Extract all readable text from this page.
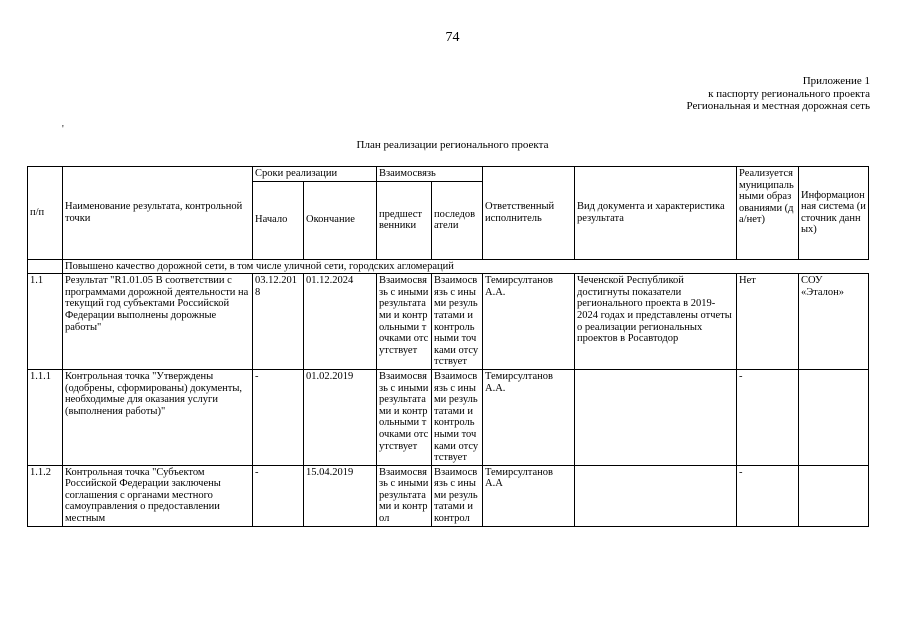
74
Приложение 1
к паспорту регионального проекта
Региональная и местная дорожная сеть
'
План реализации регионального проекта
п/п	Наименование результата, контрольной точки	Сроки реализации		Взаимосвязь		Ответственный исполнитель	Вид документа и характеристика результата	Реализуется муниципальными образованиями (да/нет)	Информационная система (источник данных)
		Начало	Окончание	предшест венники	последов атели				
	Повышено качество дорожной сети, в том числе уличной сети, городских агломераций								
1.1	Результат "R1.01.05 В соответствии с программами дорожной деятельности на текущий год субъектами Российской Федерации выполнены дорожные работы"	03.12.2018	01.12.2024	Взаимосвязь с иными результатами и контрольными точками отсутствует	Взаимосвязь с иными результатами и контрольными точками отсутствует	Темирсултанов А.А.	Чеченской Республикой достигнуты показатели регионального проекта в 2019-2024 годах и представлены отчеты о реализации региональных проектов в Росавтодор	Нет	СОУ «Эталон»
1.1.1	Контрольная точка "Утверждены (одобрены, сформированы) документы, необходимые для оказания услуги (выполнения работы)"	-	01.02.2019	Взаимосвязь с иными результатами и контрольными точками отсутствует	Взаимосвязь с иными результатами и контрольными точками отсутствует	Темирсултанов А.А.		-	
1.1.2	Контрольная точка "Субъектом Российской Федерации заключены соглашения с органами местного самоуправления о предоставлении местным	-	15.04.2019	Взаимосвязь с иными результатами и контрол	Взаимосвязь с иными результатами и контрол	Темирсултанов А.А		-	
